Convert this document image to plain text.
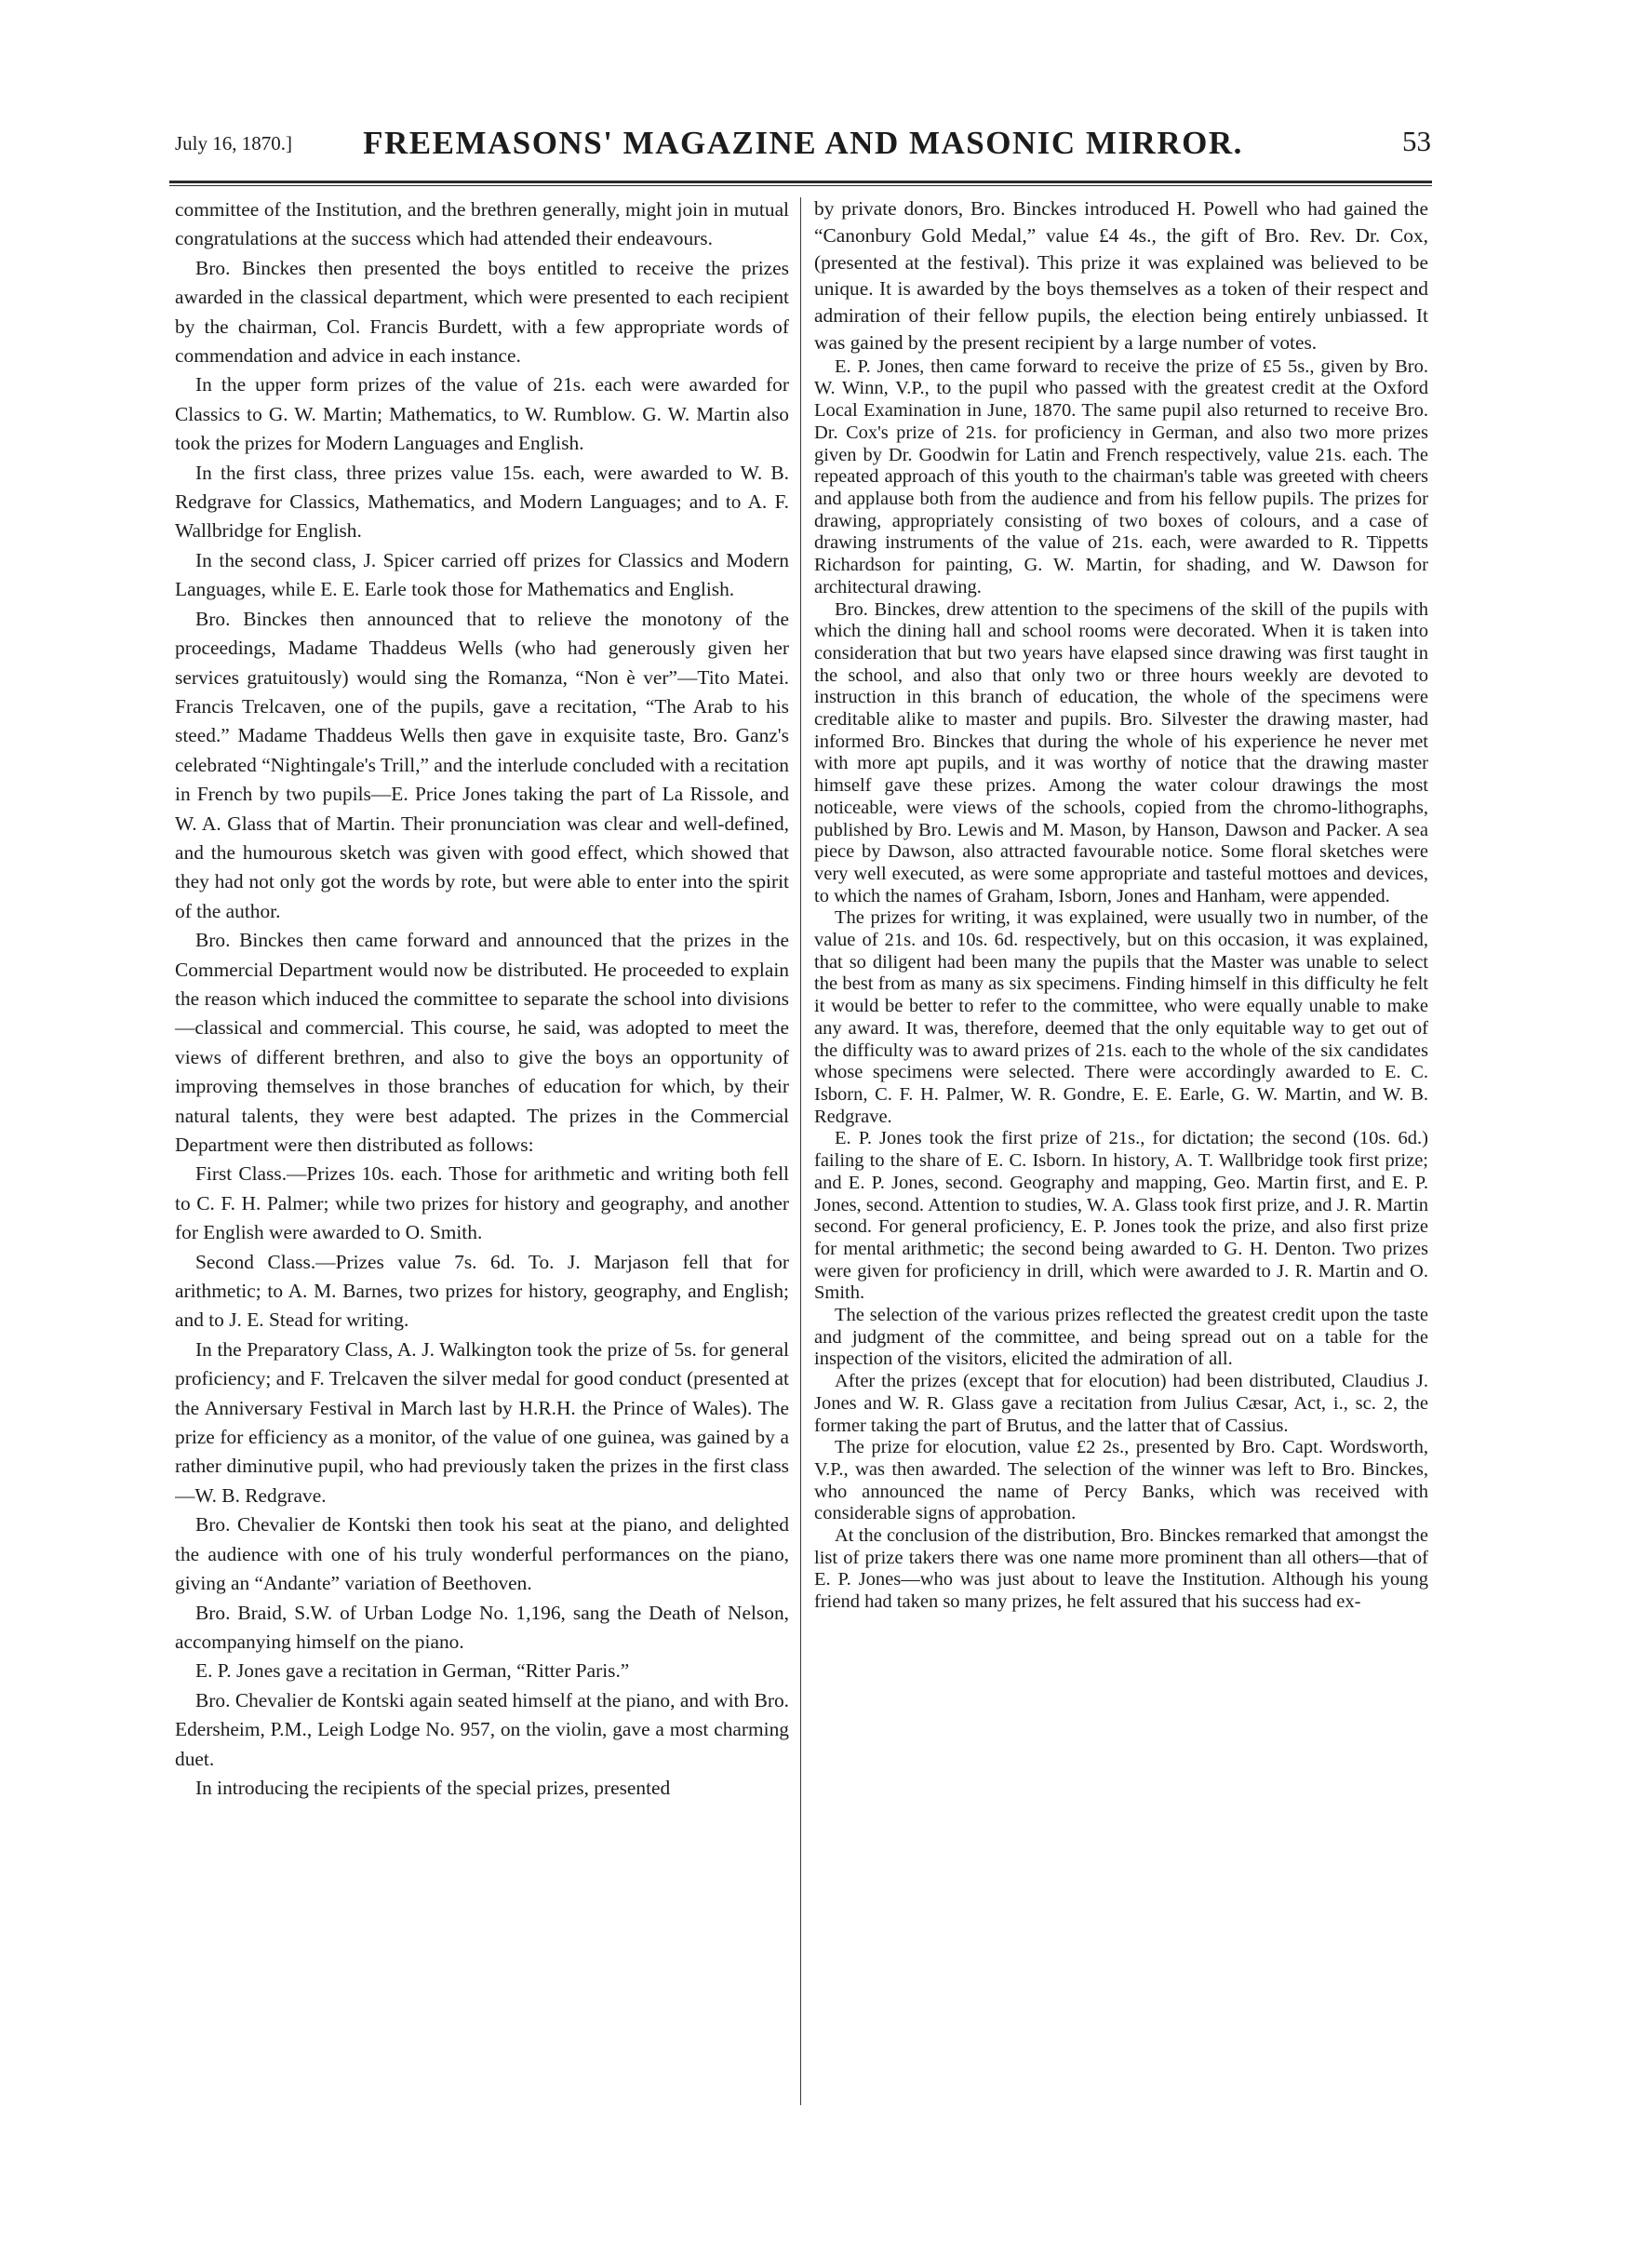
July 16, 1870.]	FREEMASONS' MAGAZINE AND MASONIC MIRROR.	53

committee of the Institution, and the brethren generally, might join in mutual congratulations at the success which had attended their endeavours.

Bro. Binckes then presented the boys entitled to receive the prizes awarded in the classical department, which were presented to each recipient by the chairman, Col. Francis Burdett, with a few appropriate words of commendation and advice in each instance.

In the upper form prizes of the value of 21s. each were awarded for Classics to G. W. Martin; Mathematics, to W. Rumblow. G. W. Martin also took the prizes for Modern Languages and English.

In the first class, three prizes value 15s. each, were awarded to W. B. Redgrave for Classics, Mathematics, and Modern Languages; and to A. F. Wallbridge for English.

In the second class, J. Spicer carried off prizes for Classics and Modern Languages, while E. E. Earle took those for Mathematics and English.

Bro. Binckes then announced that to relieve the monotony of the proceedings, Madame Thaddeus Wells (who had generously given her services gratuitously) would sing the Romanza, “Non è ver”—Tito Matei. Francis Trelcaven, one of the pupils, gave a recitation, “The Arab to his steed.” Madame Thaddeus Wells then gave in exquisite taste, Bro. Ganz's celebrated “Nightingale's Trill,” and the interlude concluded with a recitation in French by two pupils—E. Price Jones taking the part of La Rissole, and W. A. Glass that of Martin. Their pronunciation was clear and well-defined, and the humourous sketch was given with good effect, which showed that they had not only got the words by rote, but were able to enter into the spirit of the author.

Bro. Binckes then came forward and announced that the prizes in the Commercial Department would now be distributed. He proceeded to explain the reason which induced the committee to separate the school into divisions—classical and commercial. This course, he said, was adopted to meet the views of different brethren, and also to give the boys an opportunity of improving themselves in those branches of education for which, by their natural talents, they were best adapted. The prizes in the Commercial Department were then distributed as follows:

First Class.—Prizes 10s. each. Those for arithmetic and writing both fell to C. F. H. Palmer; while two prizes for history and geography, and another for English were awarded to O. Smith.

Second Class.—Prizes value 7s. 6d. To. J. Marjason fell that for arithmetic; to A. M. Barnes, two prizes for history, geography, and English; and to J. E. Stead for writing.

In the Preparatory Class, A. J. Walkington took the prize of 5s. for general proficiency; and F. Trelcaven the silver medal for good conduct (presented at the Anniversary Festival in March last by H.R.H. the Prince of Wales). The prize for efficiency as a monitor, of the value of one guinea, was gained by a rather diminutive pupil, who had previously taken the prizes in the first class—W. B. Redgrave.

Bro. Chevalier de Kontski then took his seat at the piano, and delighted the audience with one of his truly wonderful performances on the piano, giving an “Andante” variation of Beethoven.

Bro. Braid, S.W. of Urban Lodge No. 1,196, sang the Death of Nelson, accompanying himself on the piano.

E. P. Jones gave a recitation in German, “Ritter Paris.”

Bro. Chevalier de Kontski again seated himself at the piano, and with Bro. Edersheim, P.M., Leigh Lodge No. 957, on the violin, gave a most charming duet.

In introducing the recipients of the special prizes, presented

by private donors, Bro. Binckes introduced H. Powell who had gained the “Canonbury Gold Medal,” value £4 4s., the gift of Bro. Rev. Dr. Cox, (presented at the festival). This prize it was explained was believed to be unique. It is awarded by the boys themselves as a token of their respect and admiration of their fellow pupils, the election being entirely unbiassed. It was gained by the present recipient by a large number of votes.

E. P. Jones, then came forward to receive the prize of £5 5s., given by Bro. W. Winn, V.P., to the pupil who passed with the greatest credit at the Oxford Local Examination in June, 1870. The same pupil also returned to receive Bro. Dr. Cox's prize of 21s. for proficiency in German, and also two more prizes given by Dr. Goodwin for Latin and French respectively, value 21s. each. The repeated approach of this youth to the chairman's table was greeted with cheers and applause both from the audience and from his fellow pupils. The prizes for drawing, appropriately consisting of two boxes of colours, and a case of drawing instruments of the value of 21s. each, were awarded to R. Tippetts Richardson for painting, G. W. Martin, for shading, and W. Dawson for architectural drawing.

Bro. Binckes, drew attention to the specimens of the skill of the pupils with which the dining hall and school rooms were decorated. When it is taken into consideration that but two years have elapsed since drawing was first taught in the school, and also that only two or three hours weekly are devoted to instruction in this branch of education, the whole of the specimens were creditable alike to master and pupils. Bro. Silvester the drawing master, had informed Bro. Binckes that during the whole of his experience he never met with more apt pupils, and it was worthy of notice that the drawing master himself gave these prizes. Among the water colour drawings the most noticeable, were views of the schools, copied from the chromo-lithographs, published by Bro. Lewis and M. Mason, by Hanson, Dawson and Packer. A sea piece by Dawson, also attracted favourable notice. Some floral sketches were very well executed, as were some appropriate and tasteful mottoes and devices, to which the names of Graham, Isborn, Jones and Hanham, were appended.

The prizes for writing, it was explained, were usually two in number, of the value of 21s. and 10s. 6d. respectively, but on this occasion, it was explained, that so diligent had been many the pupils that the Master was unable to select the best from as many as six specimens. Finding himself in this difficulty he felt it would be better to refer to the committee, who were equally unable to make any award. It was, therefore, deemed that the only equitable way to get out of the difficulty was to award prizes of 21s. each to the whole of the six candidates whose specimens were selected. There were accordingly awarded to E. C. Isborn, C. F. H. Palmer, W. R. Gondre, E. E. Earle, G. W. Martin, and W. B. Redgrave.

E. P. Jones took the first prize of 21s., for dictation; the second (10s. 6d.) failing to the share of E. C. Isborn. In history, A. T. Wallbridge took first prize; and E. P. Jones, second. Geography and mapping, Geo. Martin first, and E. P. Jones, second. Attention to studies, W. A. Glass took first prize, and J. R. Martin second. For general proficiency, E. P. Jones took the prize, and also first prize for mental arithmetic; the second being awarded to G. H. Denton. Two prizes were given for proficiency in drill, which were awarded to J. R. Martin and O. Smith.

The selection of the various prizes reflected the greatest credit upon the taste and judgment of the committee, and being spread out on a table for the inspection of the visitors, elicited the admiration of all.

After the prizes (except that for elocution) had been distributed, Claudius J. Jones and W. R. Glass gave a recitation from Julius Cæsar, Act, i., sc. 2, the former taking the part of Brutus, and the latter that of Cassius.

The prize for elocution, value £2 2s., presented by Bro. Capt. Wordsworth, V.P., was then awarded. The selection of the winner was left to Bro. Binckes, who announced the name of Percy Banks, which was received with considerable signs of approbation.

At the conclusion of the distribution, Bro. Binckes remarked that amongst the list of prize takers there was one name more prominent than all others—that of E. P. Jones—who was just about to leave the Institution. Although his young friend had taken so many prizes, he felt assured that his success had ex-
